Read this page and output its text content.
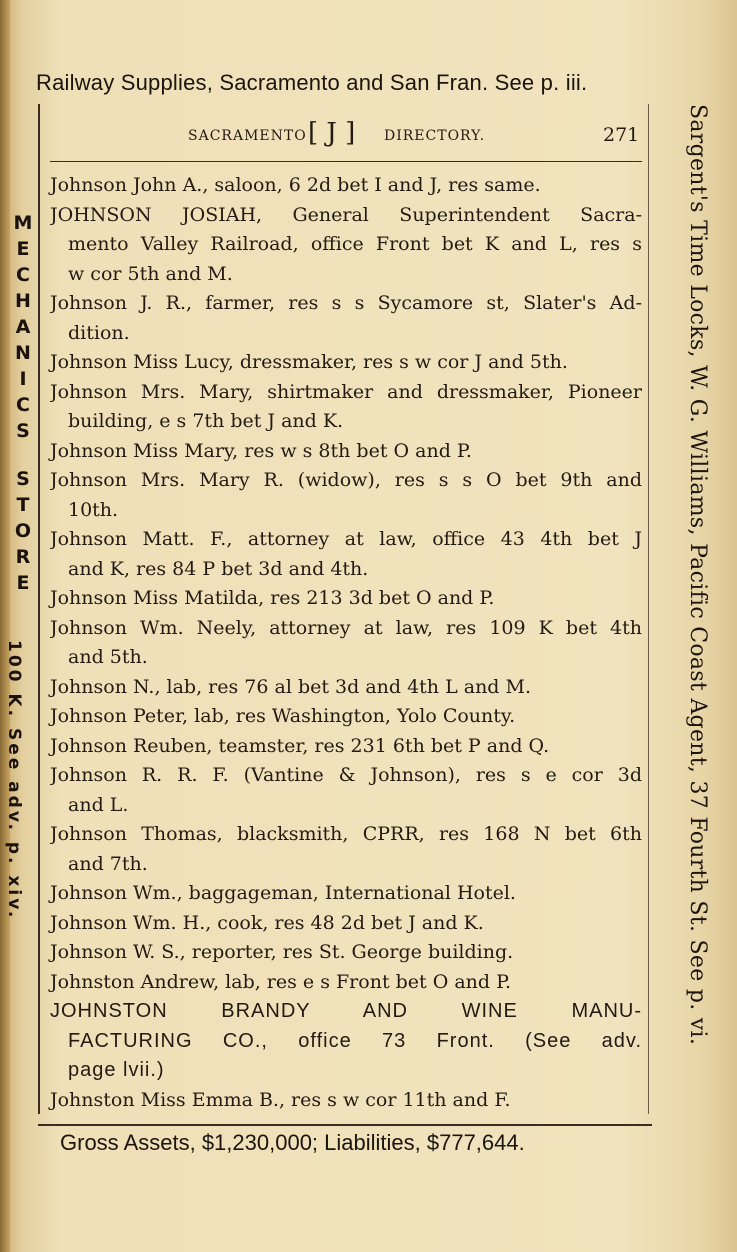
Railway Supplies, Sacramento and San Fran. See p. iii.
SACRAMENTO [ J ] DIRECTORY.	271
Johnson John A., saloon, 6 2d bet I and J, res same.
JOHNSON JOSIAH, General Superintendent Sacra-
mento Valley Railroad, office Front bet K and L, res s
w cor 5th and M.
Johnson J. R., farmer, res s s Sycamore st, Slater's Ad-
dition.
Johnson Miss Lucy, dressmaker, res s w cor J and 5th.
Johnson Mrs. Mary, shirtmaker and dressmaker, Pioneer
building, e s 7th bet J and K.
Johnson Miss Mary, res w s 8th bet O and P.
Johnson Mrs. Mary R. (widow), res s s O bet 9th and
10th.
Johnson Matt. F., attorney at law, office 43 4th bet J
and K, res 84 P bet 3d and 4th.
Johnson Miss Matilda, res 213 3d bet O and P.
Johnson Wm. Neely, attorney at law, res 109 K bet 4th
and 5th.
Johnson N., lab, res 76 al bet 3d and 4th L and M.
Johnson Peter, lab, res Washington, Yolo County.
Johnson Reuben, teamster, res 231 6th bet P and Q.
Johnson R. R. F. (Vantine & Johnson), res s e cor 3d
and L.
Johnson Thomas, blacksmith, CPRR, res 168 N bet 6th
and 7th.
Johnson Wm., baggageman, International Hotel.
Johnson Wm. H., cook, res 48 2d bet J and K.
Johnson W. S., reporter, res St. George building.
Johnston Andrew, lab, res e s Front bet O and P.
JOHNSTON BRANDY AND WINE MANU-
FACTURING CO., office 73 Front. (See adv.
page lvii.)
Johnston Miss Emma B., res s w cor 11th and F.
M
E
C
H
A
N
I
C
S
S
T
O
R
E
100 K. See adv. p. xiv.	Sargent's Time Locks, W. G. Williams, Pacific Coast Agent, 37 Fourth St. See p. vi.
Gross Assets, $1,230,000; Liabilities, $777,644.
